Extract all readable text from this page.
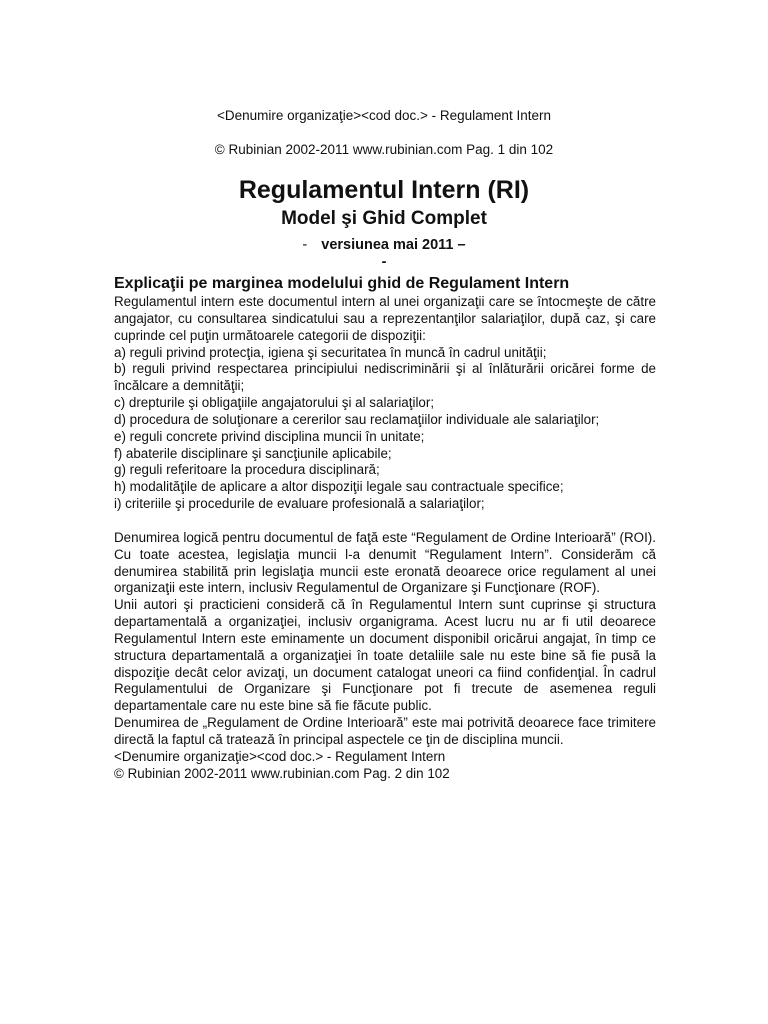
<Denumire organizaţie><cod doc.> - Regulament Intern
© Rubinian 2002-2011 www.rubinian.com Pag. 1 din 102
Regulamentul Intern (RI)
Model şi Ghid Complet
- versiunea mai 2011 –
-
Explicaţii pe marginea modelului ghid de Regulament Intern

Regulamentul intern este documentul intern al unei organizaţii care se întocmeşte de către angajator, cu consultarea sindicatului sau a reprezentanţilor salariaţilor, după caz, şi care cuprinde cel puţin următoarele categorii de dispoziţii:

a) reguli privind protecţia, igiena şi securitatea în muncă în cadrul unităţii;

b) reguli privind respectarea principiului nediscriminării şi al înlăturării oricărei forme de încălcare a demnităţii;

c) drepturile şi obligaţiile angajatorului şi al salariaţilor;

d) procedura de soluţionare a cererilor sau reclamaţiilor individuale ale salariaţilor;

e) reguli concrete privind disciplina muncii în unitate;

f) abaterile disciplinare şi sancţiunile aplicabile;

g) reguli referitoare la procedura disciplinară;

h) modalităţile de aplicare a altor dispoziţii legale sau contractuale specifice;

i) criteriile şi procedurile de evaluare profesională a salariaţilor;

Denumirea logică pentru documentul de faţă este “Regulament de Ordine Interioară” (ROI). Cu toate acestea, legislaţia muncii l-a denumit “Regulament Intern”. Considerăm că denumirea stabilită prin legislaţia muncii este eronată deoarece orice regulament al unei organizaţii este intern, inclusiv Regulamentul de Organizare şi Funcţionare (ROF).

Unii autori şi practicieni consideră că în Regulamentul Intern sunt cuprinse şi structura departamentală a organizaţiei, inclusiv organigrama. Acest lucru nu ar fi util deoarece Regulamentul Intern este eminamente un document disponibil oricărui angajat, în timp ce structura departamentală a organizaţiei în toate detaliile sale nu este bine să fie pusă la dispoziţie decât celor avizaţi, un document catalogat uneori ca fiind confidenţial. În cadrul Regulamentului de Organizare şi Funcţionare pot fi trecute de asemenea reguli departamentale care nu este bine să fie făcute public.

Denumirea de „Regulament de Ordine Interioară” este mai potrivită deoarece face trimitere directă la faptul că tratează în principal aspectele ce ţin de disciplina muncii.

<Denumire organizaţie><cod doc.> - Regulament Intern

© Rubinian 2002-2011 www.rubinian.com Pag. 2 din 102
